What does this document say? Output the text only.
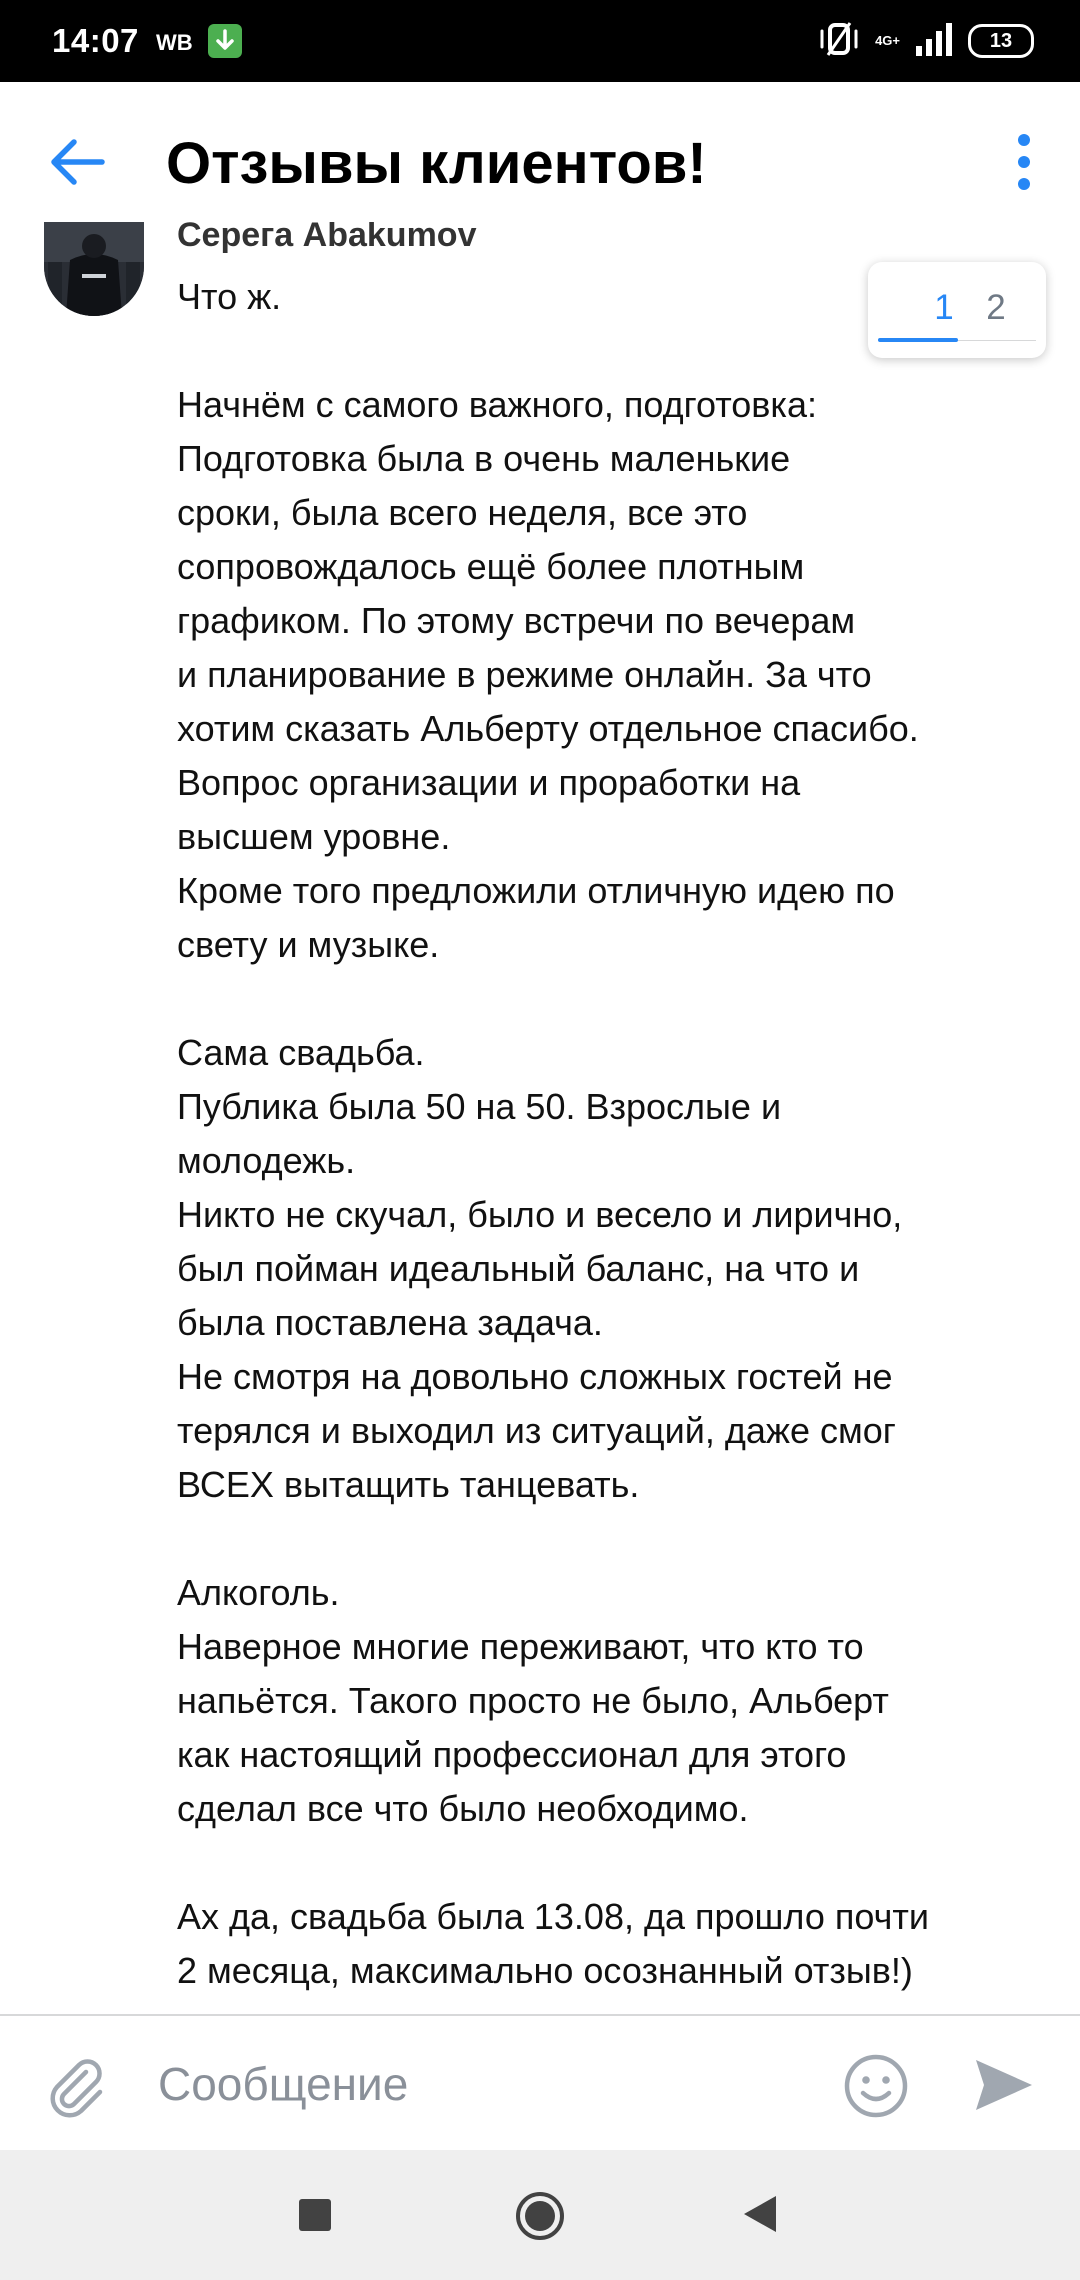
14:07 WB	4G+	13
Отзывы клиентов!
Серега Abakumov

Что ж.

Начнём с самого важного, подготовка:
Подготовка была в очень маленькие
сроки, была всего неделя, все это
сопровождалось ещё более плотным
графиком. По этому встречи по вечерам
и планирование в режиме онлайн. За что
хотим сказать Альберту отдельное спасибо.
Вопрос организации и проработки на
высшем уровне.
Кроме того предложили отличную идею по
свету и музыке.

Сама свадьба.
Публика была 50 на 50. Взрослые и
молодежь.
Никто не скучал, было и весело и лирично,
был пойман идеальный баланс, на что и
была поставлена задача.
Не смотря на довольно сложных гостей не
терялся и выходил из ситуаций, даже смог
ВСЕХ вытащить танцевать.

Алкоголь.
Наверное многие переживают, что кто то
напьётся. Такого просто не было, Альберт
как настоящий профессионал для этого
сделал все что было необходимо.

Ах да, свадьба была 13.08, да прошло почти
2 месяца, максимально осознанный отзыв!)

1 2
Сообщение
